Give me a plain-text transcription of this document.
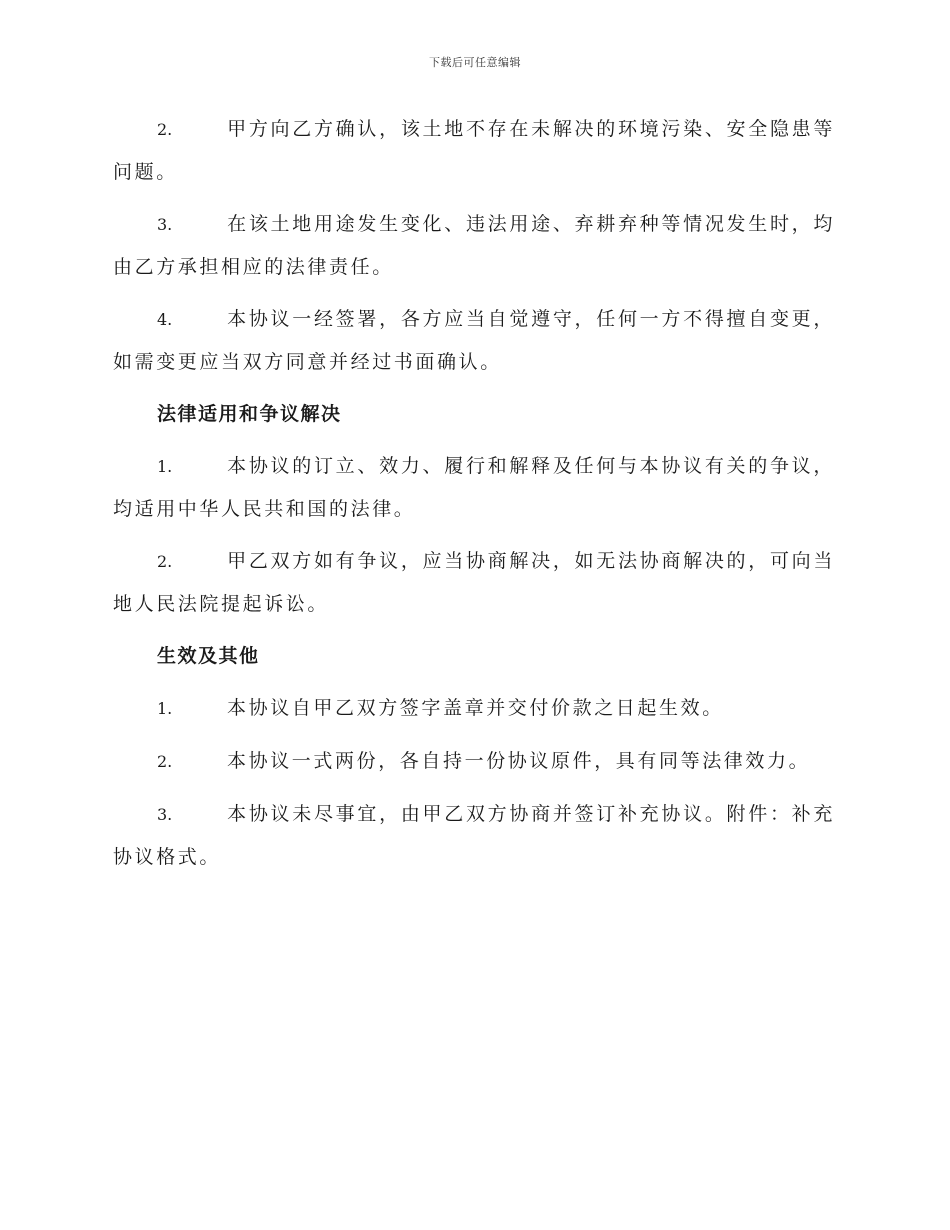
下载后可任意编辑
2.	甲方向乙方确认，该土地不存在未解决的环境污染、安全隐患等问题。
3.	在该土地用途发生变化、违法用途、弃耕弃种等情况发生时，均由乙方承担相应的法律责任。
4.	本协议一经签署，各方应当自觉遵守，任何一方不得擅自变更，如需变更应当双方同意并经过书面确认。
法律适用和争议解决
1.	本协议的订立、效力、履行和解释及任何与本协议有关的争议，均适用中华人民共和国的法律。
2.	甲乙双方如有争议，应当协商解决，如无法协商解决的，可向当地人民法院提起诉讼。
生效及其他
1.	本协议自甲乙双方签字盖章并交付价款之日起生效。
2.	本协议一式两份，各自持一份协议原件，具有同等法律效力。
3.	本协议未尽事宜，由甲乙双方协商并签订补充协议。附件：补充协议格式。
